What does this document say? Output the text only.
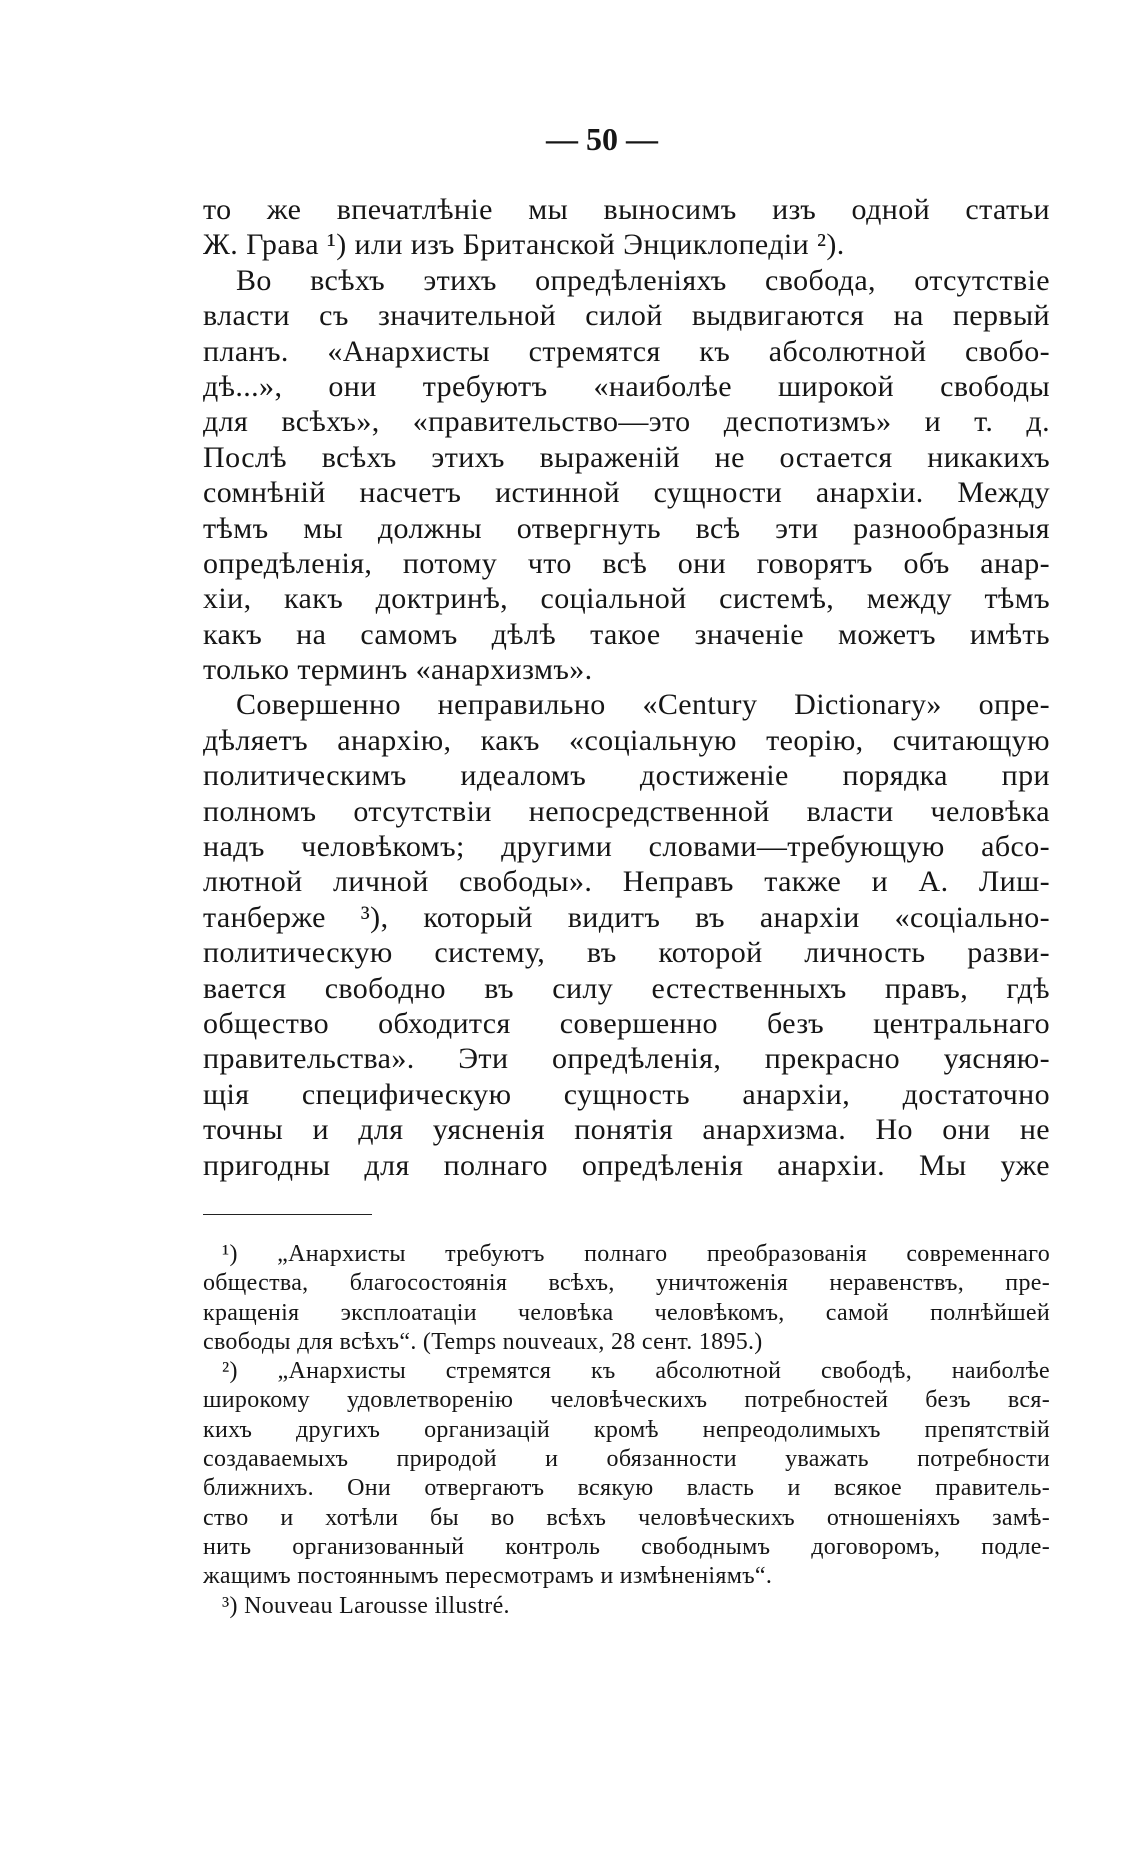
— 50 —
то же впечатлѣніе мы выносимъ изъ одной статьи
Ж. Грава ¹) или изъ Британской Энциклопедіи ²).
Во всѣхъ этихъ опредѣленіяхъ свобода, отсутствіе
власти съ значительной силой выдвигаются на первый
планъ. «Анархисты стремятся къ абсолютной свобо-
дѣ...», они требуютъ «наиболѣе широкой свободы
для всѣхъ», «правительство—это деспотизмъ» и т. д.
Послѣ всѣхъ этихъ выраженій не остается никакихъ
сомнѣній насчетъ истинной сущности анархіи. Между
тѣмъ мы должны отвергнуть всѣ эти разнообразныя
опредѣленія, потому что всѣ они говорятъ объ анар-
хіи, какъ доктринѣ, соціальной системѣ, между тѣмъ
какъ на самомъ дѣлѣ такое значеніе можетъ имѣть
только терминъ «анархизмъ».
Совершенно неправильно «Century Dictionary» опре-
дѣляетъ анархію, какъ «соціальную теорію, считающую
политическимъ идеаломъ достиженіе порядка при
полномъ отсутствіи непосредственной власти человѣка
надъ человѣкомъ; другими словами—требующую абсо-
лютной личной свободы». Неправъ также и А. Лиш-
танберже ³), который видитъ въ анархіи «соціально-
политическую систему, въ которой личность разви-
вается свободно въ силу естественныхъ правъ, гдѣ
общество обходится совершенно безъ центральнаго
правительства». Эти опредѣленія, прекрасно уясняю-
щія специфическую сущность анархіи, достаточно
точны и для уясненія понятія анархизма. Но они не
пригодны для полнаго опредѣленія анархіи. Мы уже
¹) „Анархисты требуютъ полнаго преобразованія современнаго
общества, благосостоянія всѣхъ, уничтоженія неравенствъ, пре-
кращенія эксплоатаціи человѣка человѣкомъ, самой полнѣйшей
свободы для всѣхъ“. (Temps nouveaux, 28 сент. 1895.)
²) „Анархисты стремятся къ абсолютной свободѣ, наиболѣе
широкому удовлетворенію человѣческихъ потребностей безъ вся-
кихъ другихъ организацій кромѣ непреодолимыхъ препятствій
создаваемыхъ природой и обязанности уважать потребности
ближнихъ. Они отвергаютъ всякую власть и всякое правитель-
ство и хотѣли бы во всѣхъ человѣческихъ отношеніяхъ замѣ-
нить организованный контроль свободнымъ договоромъ, подле-
жащимъ постояннымъ пересмотрамъ и измѣненіямъ“.
³) Nouveau Larousse illustré.
